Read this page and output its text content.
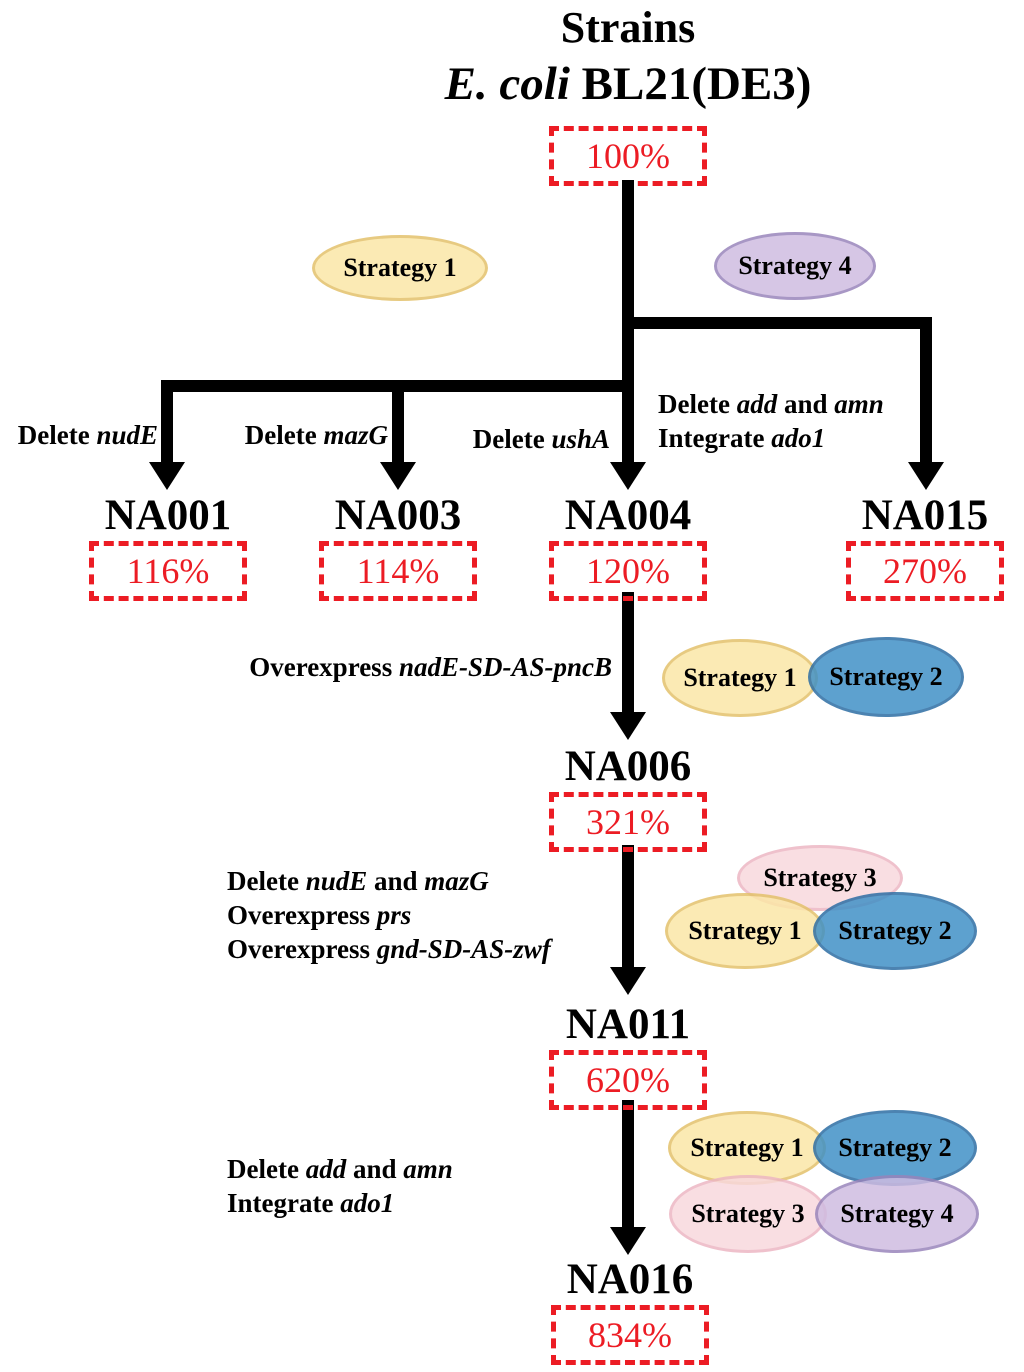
Strains
E. coli BL21(DE3)
100%
Strategy 1	Strategy 4
Delete nudE	Delete mazG	Delete ushA
Delete add and amn
Integrate ado1
NA001
116%
NA003
114%
NA004
120%
NA015
270%
Overexpress nadE-SD-AS-pncB	Strategy 1	Strategy 2
NA006
321%
Delete nudE and mazG
Overexpress prs
Overexpress gnd-SD-AS-zwf
Strategy 3
Strategy 1	Strategy 2
NA011
620%
Delete add and amn
Integrate ado1
Strategy 1	Strategy 2
Strategy 3	Strategy 4
NA016
834%
